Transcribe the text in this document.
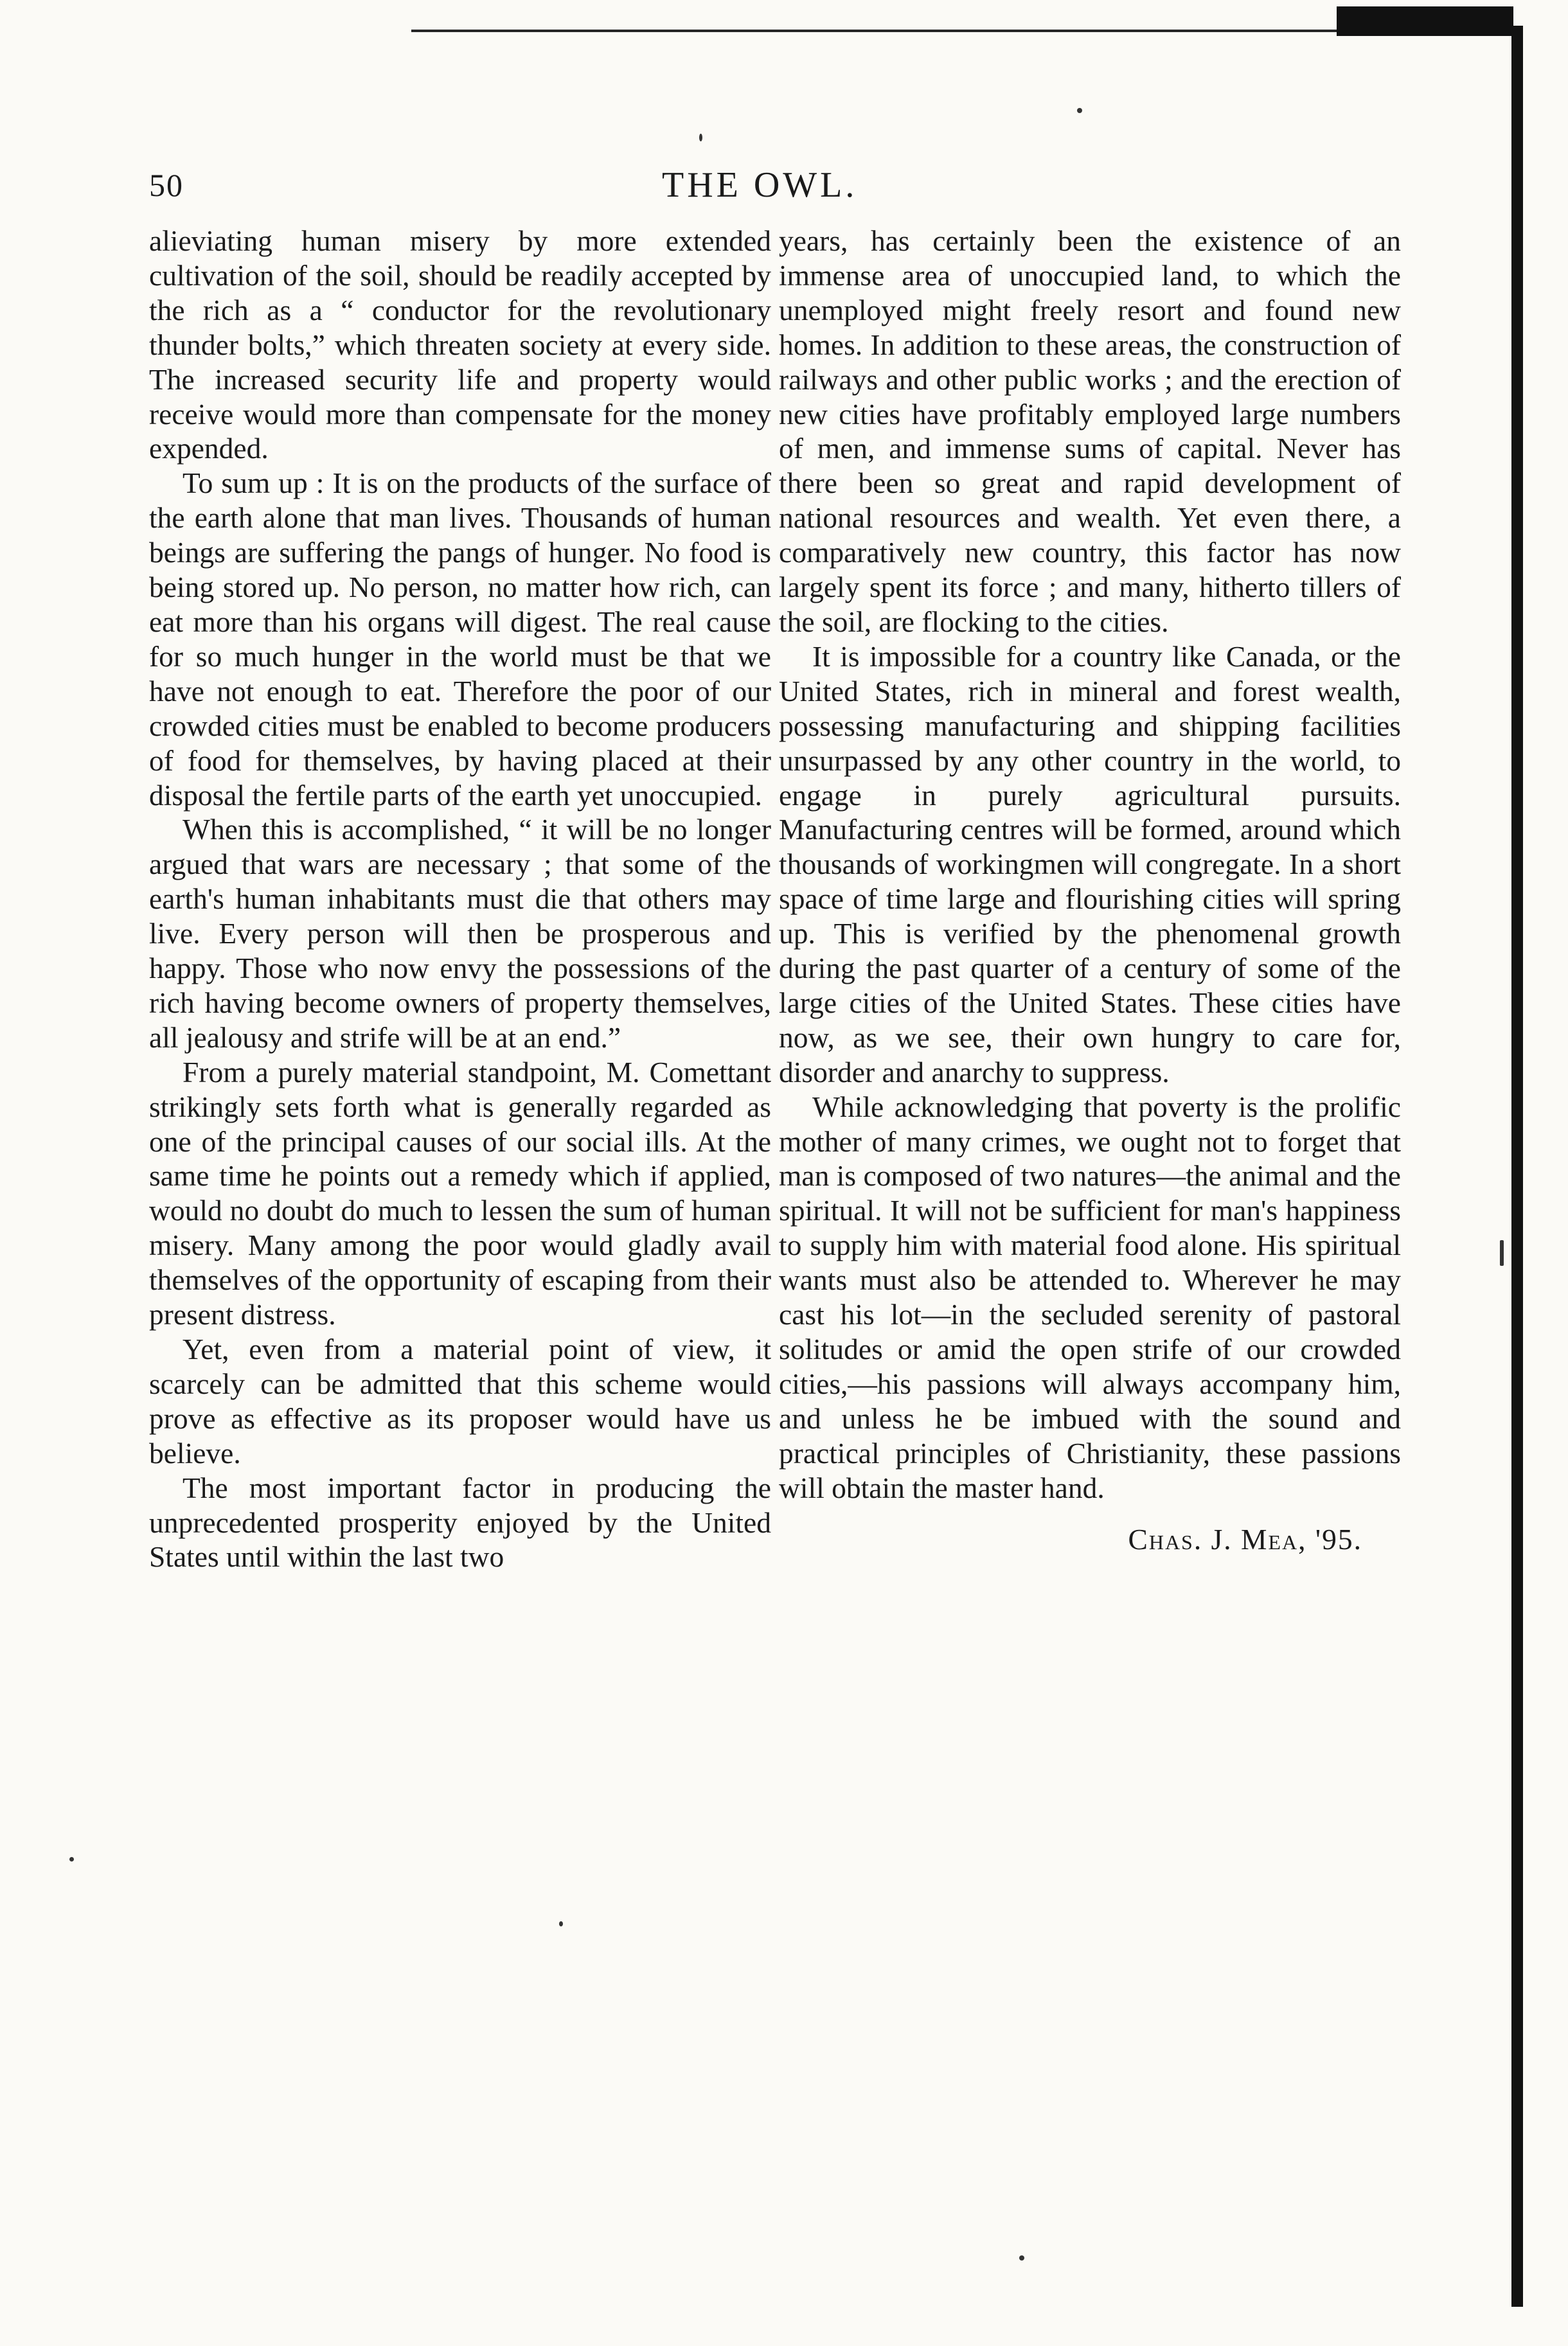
50	THE OWL.

alieviating human misery by more extended cultivation of the soil, should be readily accepted by the rich as a “ conductor for the revolutionary thunder bolts,” which threaten society at every side. The increased security life and property would receive would more than compensate for the money expended.

To sum up : It is on the products of the surface of the earth alone that man lives. Thousands of human beings are suffering the pangs of hunger. No food is being stored up. No person, no matter how rich, can eat more than his organs will digest. The real cause for so much hunger in the world must be that we have not enough to eat. Therefore the poor of our crowded cities must be enabled to become producers of food for themselves, by having placed at their disposal the fertile parts of the earth yet unoccupied.

When this is accomplished, “ it will be no longer argued that wars are necessary ; that some of the earth's human inhabitants must die that others may live. Every person will then be prosperous and happy. Those who now envy the possessions of the rich having become owners of property themselves, all jealousy and strife will be at an end.”

From a purely material standpoint, M. Comettant strikingly sets forth what is generally regarded as one of the principal causes of our social ills. At the same time he points out a remedy which if applied, would no doubt do much to lessen the sum of human misery. Many among the poor would gladly avail themselves of the opportunity of escaping from their present distress.

Yet, even from a material point of view, it scarcely can be admitted that this scheme would prove as effective as its proposer would have us believe.

The most important factor in producing the unprecedented prosperity enjoyed by the United States until within the last two

years, has certainly been the existence of an immense area of unoccupied land, to which the unemployed might freely resort and found new homes. In addition to these areas, the construction of railways and other public works ; and the erection of new cities have profitably employed large numbers of men, and immense sums of capital. Never has there been so great and rapid development of national resources and wealth. Yet even there, a comparatively new country, this factor has now largely spent its force ; and many, hitherto tillers of the soil, are flocking to the cities.

It is impossible for a country like Canada, or the United States, rich in mineral and forest wealth, possessing manufacturing and shipping facilities unsurpassed by any other country in the world, to engage in purely agricultural pursuits. Manufacturing centres will be formed, around which thousands of workingmen will congregate. In a short space of time large and flourishing cities will spring up. This is verified by the phenomenal growth during the past quarter of a century of some of the large cities of the United States. These cities have now, as we see, their own hungry to care for, disorder and anarchy to suppress.

While acknowledging that poverty is the prolific mother of many crimes, we ought not to forget that man is composed of two natures—the animal and the spiritual. It will not be sufficient for man's happiness to supply him with material food alone. His spiritual wants must also be attended to. Wherever he may cast his lot—in the secluded serenity of pastoral solitudes or amid the open strife of our crowded cities,—his passions will always accompany him, and unless he be imbued with the sound and practical principles of Christianity, these passions will obtain the master hand.

Chas. J. Mea, '95.
